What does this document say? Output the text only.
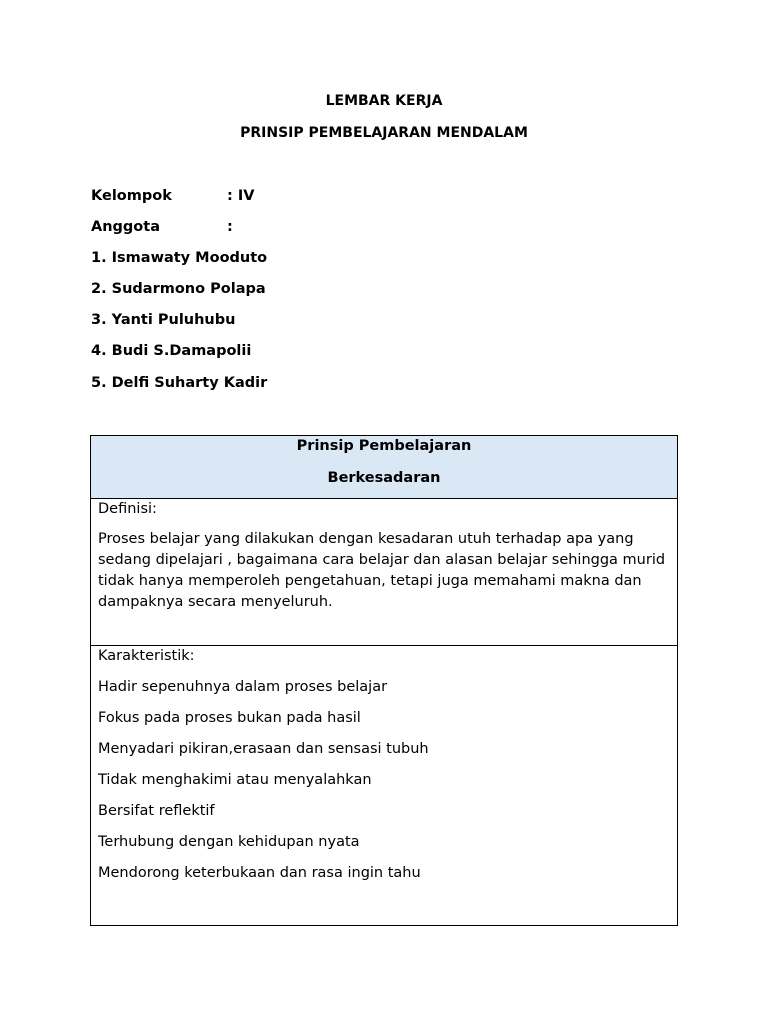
LEMBAR KERJA
PRINSIP PEMBELAJARAN MENDALAM
Kelompok	: IV
Anggota	:
1. Ismawaty Mooduto
2. Sudarmono Polapa
3. Yanti Puluhubu
4. Budi S.Damapolii
5. Delfi Suharty Kadir
Prinsip Pembelajaran
Berkesadaran

Definisi:
Proses belajar yang dilakukan dengan kesadaran utuh terhadap apa yang sedang dipelajari , bagaimana cara belajar dan alasan belajar sehingga murid tidak hanya memperoleh pengetahuan, tetapi juga memahami makna dan dampaknya secara menyeluruh.

Karakteristik:
Hadir sepenuhnya dalam proses belajar
Fokus pada proses bukan pada hasil
Menyadari pikiran,erasaan dan sensasi tubuh
Tidak menghakimi atau menyalahkan
Bersifat reflektif
Terhubung dengan kehidupan nyata
Mendorong keterbukaan dan rasa ingin tahu
